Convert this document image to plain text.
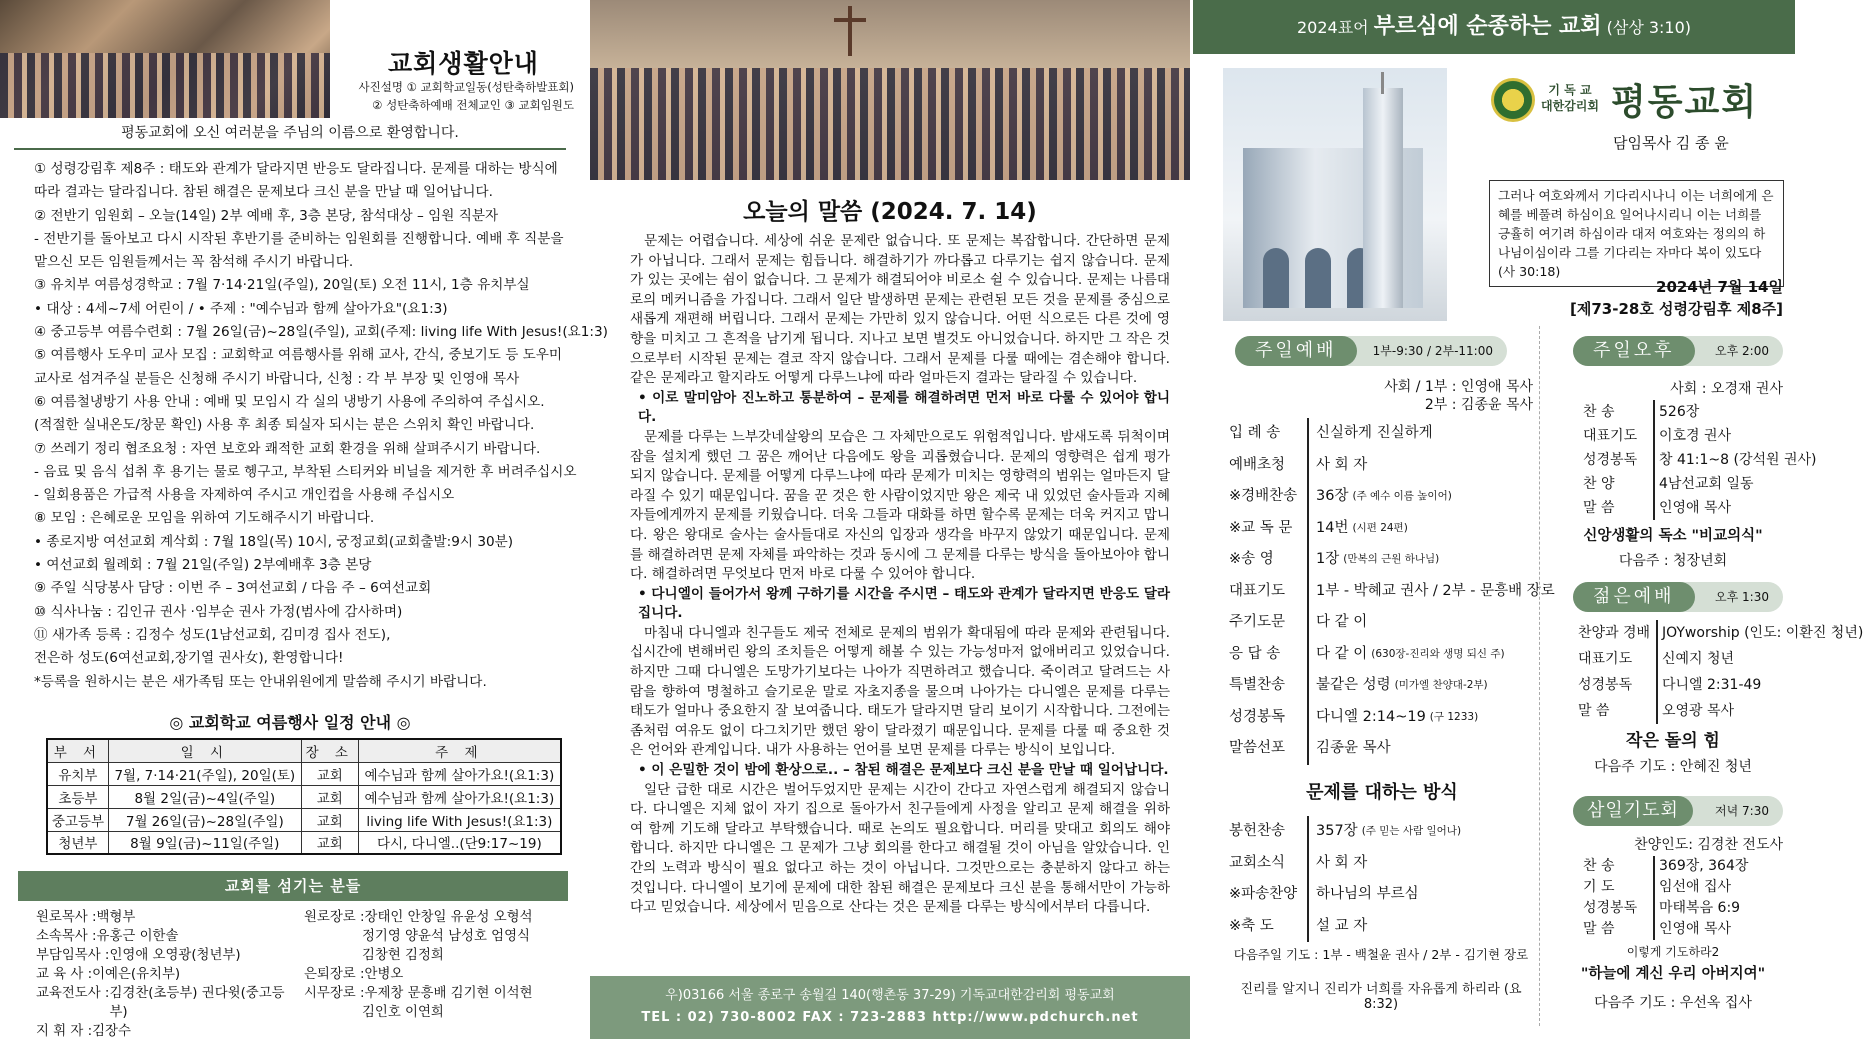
교회생활안내
사진설명 ① 교회학교일동(성탄축하발표회)
② 성탄축하예배 전체교인 ③ 교회임원도
평동교회에 오신 여러분을 주님의 이름으로 환영합니다.
① 성령강림후 제8주 : 태도와 관계가 달라지면 반응도 달라집니다. 문제를 대하는 방식에
따라 결과는 달라집니다. 참된 해결은 문제보다 크신 분을 만날 때 일어납니다.
② 전반기 임원회 – 오늘(14일) 2부 예배 후, 3층 본당, 참석대상 – 임원 직분자
- 전반기를 돌아보고 다시 시작된 후반기를 준비하는 임원회를 진행합니다. 예배 후 직분을
맡으신 모든 임원들께서는 꼭 참석해 주시기 바랍니다.
③ 유치부 여름성경학교 : 7월 7·14·21일(주일), 20일(토) 오전 11시, 1층 유치부실
• 대상 : 4세~7세 어린이 / • 주제 : "예수님과 함께 살아가요"(요1:3)
④ 중고등부 여름수련회 : 7월 26일(금)~28일(주일), 교회(주제: living life With Jesus!(요1:3)
⑤ 여름행사 도우미 교사 모집 : 교회학교 여름행사를 위해 교사, 간식, 중보기도 등 도우미
교사로 섬겨주실 분들은 신청해 주시기 바랍니다, 신청 : 각 부 부장 및 인영애 목사
⑥ 여름철냉방기 사용 안내 : 예배 및 모임시 각 실의 냉방기 사용에 주의하여 주십시오.
(적절한 실내온도/창문 확인) 사용 후 최종 퇴실자 되시는 분은 스위치 확인 바랍니다.
⑦ 쓰레기 정리 협조요청 : 자연 보호와 쾌적한 교회 환경을 위해 살펴주시기 바랍니다.
- 음료 및 음식 섭취 후 용기는 물로 헹구고, 부착된 스티커와 비닐을 제거한 후 버려주십시오
- 일회용품은 가급적 사용을 자제하여 주시고 개인컵을 사용해 주십시오
⑧ 모임 : 은혜로운 모임을 위하여 기도해주시기 바랍니다.
• 종로지방 여선교회 계삭회 : 7월 18일(목) 10시, 궁정교회(교회출발:9시 30분)
• 여선교회 월례회 : 7월 21일(주일) 2부예배후 3층 본당
⑨ 주일 식당봉사 담당 : 이번 주 – 3여선교회 / 다음 주 – 6여선교회
⑩ 식사나눔 : 김인규 권사 ·임부순 권사 가정(범사에 감사하며)
⑪ 새가족 등록 : 김정수 성도(1남선교회, 김미경 집사 전도),
전은하 성도(6여선교회,장기열 권사女), 환영합니다!
*등록을 원하시는 분은 새가족팀 또는 안내위원에게 말씀해 주시기 바랍니다.
◎ 교회학교 여름행사 일정 안내 ◎
부 서	일 시	장 소	주 제
유치부	7월, 7·14·21(주일), 20일(토)	교회	예수님과 함께 살아가요!(요1:3)
초등부	8월 2일(금)~4일(주일)	교회	예수님과 함께 살아가요!(요1:3)
중고등부	7월 26일(금)~28일(주일)	교회	living life With Jesus!(요1:3)
청년부	8월 9일(금)~11일(주일)	교회	다시, 다니엘..(단9:17~19)
교회를 섬기는 분들
원로목사 : 백형부
소속목사 : 유홍근 이한솔
부담임목사 : 인영애 오영광(청년부)
교 육 사 : 이예은(유치부)
교육전도사 : 김경찬(초등부) 권다윗(중고등부)
지 휘 자 : 김장수
원로장로 : 장태인 안창일 유윤성 오형석
정기영 양윤석 남성호 엄영식
김창현 김정희
은퇴장로 : 안병오
시무장로 : 우제창 문흥배 김기현 이석현
김인호 이연희
오늘의 말씀 (2024. 7. 14)

문제는 어렵습니다. 세상에 쉬운 문제란 없습니다. 또 문제는 복잡합니다. 간단하면 문제가 아닙니다. 그래서 문제는 힘듭니다. 해결하기가 까다롭고 다루기는 쉽지 않습니다. 문제가 있는 곳에는 쉼이 없습니다. 그 문제가 해결되어야 비로소 쉴 수 있습니다. 문제는 나름대로의 메커니즘을 가집니다. 그래서 일단 발생하면 문제는 관련된 모든 것을 문제를 중심으로 새롭게 재편해 버립니다. 그래서 문제는 가만히 있지 않습니다. 어떤 식으로든 다른 것에 영향을 미치고 그 흔적을 남기게 됩니다. 지나고 보면 별것도 아니었습니다. 하지만 그 작은 것으로부터 시작된 문제는 결코 작지 않습니다. 그래서 문제를 다룰 때에는 겸손해야 합니다. 같은 문제라고 할지라도 어떻게 다루느냐에 따라 얼마든지 결과는 달라질 수 있습니다.

• 이로 말미암아 진노하고 통분하여 – 문제를 해결하려면 먼저 바로 다룰 수 있어야 합니다.

문제를 다루는 느부갓네살왕의 모습은 그 자체만으로도 위험적입니다. 밤새도록 뒤척이며 잠을 설치게 했던 그 꿈은 깨어난 다음에도 왕을 괴롭혔습니다. 문제의 영향력은 쉽게 평가되지 않습니다. 문제를 어떻게 다루느냐에 따라 문제가 미치는 영향력의 범위는 얼마든지 달라질 수 있기 때문입니다. 꿈을 꾼 것은 한 사람이었지만 왕은 제국 내 있었던 술사들과 지혜자들에게까지 문제를 키웠습니다. 더욱 그들과 대화를 하면 할수록 문제는 더욱 커지고 맙니다. 왕은 왕대로 술사는 술사들대로 자신의 입장과 생각을 바꾸지 않았기 때문입니다. 문제를 해결하려면 문제 자체를 파악하는 것과 동시에 그 문제를 다루는 방식을 돌아보아야 합니다. 해결하려면 무엇보다 먼저 바로 다룰 수 있어야 합니다.

• 다니엘이 들어가서 왕께 구하기를 시간을 주시면 – 태도와 관계가 달라지면 반응도 달라집니다.

마침내 다니엘과 친구들도 제국 전체로 문제의 범위가 확대됨에 따라 문제와 관련됩니다. 십시간에 변해버린 왕의 조치들은 어떻게 해볼 수 있는 가능성마저 없애버리고 있었습니다. 하지만 그때 다니엘은 도망가기보다는 나아가 직면하려고 했습니다. 죽이려고 달려드는 사람을 향하여 명철하고 슬기로운 말로 자초지종을 물으며 나아가는 다니엘은 문제를 다루는 태도가 얼마나 중요한지 잘 보여줍니다. 태도가 달라지면 달리 보이기 시작합니다. 그전에는 좀처럼 여유도 없이 다그치기만 했던 왕이 달라졌기 때문입니다. 문제를 다룰 때 중요한 것은 언어와 관계입니다. 내가 사용하는 언어를 보면 문제를 다루는 방식이 보입니다.

• 이 은밀한 것이 밤에 환상으로.. – 참된 해결은 문제보다 크신 분을 만날 때 일어납니다.

일단 급한 대로 시간은 벌어두었지만 문제는 시간이 간다고 자연스럽게 해결되지 않습니다. 다니엘은 지체 없이 자기 집으로 돌아가서 친구들에게 사정을 알리고 문제 해결을 위하여 함께 기도해 달라고 부탁했습니다. 때로 논의도 필요합니다. 머리를 맞대고 회의도 해야 합니다. 하지만 다니엘은 그 문제가 그냥 회의를 한다고 해결될 것이 아님을 알았습니다. 인간의 노력과 방식이 필요 없다고 하는 것이 아닙니다. 그것만으로는 충분하지 않다고 하는 것입니다. 다니엘이 보기에 문제에 대한 참된 해결은 문제보다 크신 분을 통해서만이 가능하다고 믿었습니다. 세상에서 믿음으로 산다는 것은 문제를 다루는 방식에서부터 다릅니다.

우)03166 서울 종로구 송월길 140(행촌동 37-29) 기독교대한감리회 평동교회
TEL : 02) 730-8002 FAX : 723-2883 http://www.pdchurch.net
2024표어 부르심에 순종하는 교회 (삼상 3:10)
기 독 교
대한감리회 평동교회
담임목사 김 종 윤
그러나 여호와께서 기다리시나니 이는 너희에게 은혜를 베풀려 하심이요 일어나시리니 이는 너희를 긍휼히 여기려 하심이라 대저 여호와는 정의의 하나님이심이라 그를 기다리는 자마다 복이 있도다 (사 30:18)
2024년 7월 14일
[제73-28호 성령강림후 제8주]
주일예배	1부-9:30 / 2부-11:00
사회 / 1부 : 인영애 목사
2부 : 김종윤 목사
입 례 송	신실하게 진실하게
예배초청	사 회 자
※경배찬송	36장 (주 예수 이름 높이어)
※교 독 문	14번 (시편 24편)
※송 영	1장 (만복의 근원 하나님)
대표기도	1부 - 박혜교 권사 / 2부 - 문흥배 장로
주기도문	다 같 이
응 답 송	다 같 이 (630장-진리와 생명 되신 주)
특별찬송	불같은 성령 (미가엘 찬양대-2부)
성경봉독	다니엘 2:14~19 (구 1233)
말씀선포	김종윤 목사
문제를 대하는 방식
봉헌찬송	357장 (주 믿는 사람 일어나)
교회소식	사 회 자
※파송찬양	하나님의 부르심
※축 도	설 교 자
다음주일 기도 : 1부 - 백철윤 권사 / 2부 - 김기현 장로
진리를 알지니 진리가 너희를 자유롭게 하리라 (요 8:32)
주일오후	오후 2:00
사회 : 오경재 권사
찬 송	526장
대표기도	이호경 권사
성경봉독	창 41:1~8 (강석원 권사)
찬 양	4남선교회 일동
말 씀	인영애 목사
신앙생활의 독소 "비교의식"
다음주 : 청장년회
젊은예배	오후 1:30
찬양과 경배 JOYworship (인도: 이환진 청년)
대표기도	신예지 청년
성경봉독	다니엘 2:31-49
말 씀	오영광 목사
작은 돌의 힘
다음주 기도 : 안혜진 청년
삼일기도회	저녁 7:30
찬양인도: 김경찬 전도사
찬 송	369장, 364장
기 도	임선애 집사
성경봉독	마태복음 6:9
말 씀	인영애 목사
이렇게 기도하라2
"하늘에 계신 우리 아버지여"
다음주 기도 : 우선옥 집사
